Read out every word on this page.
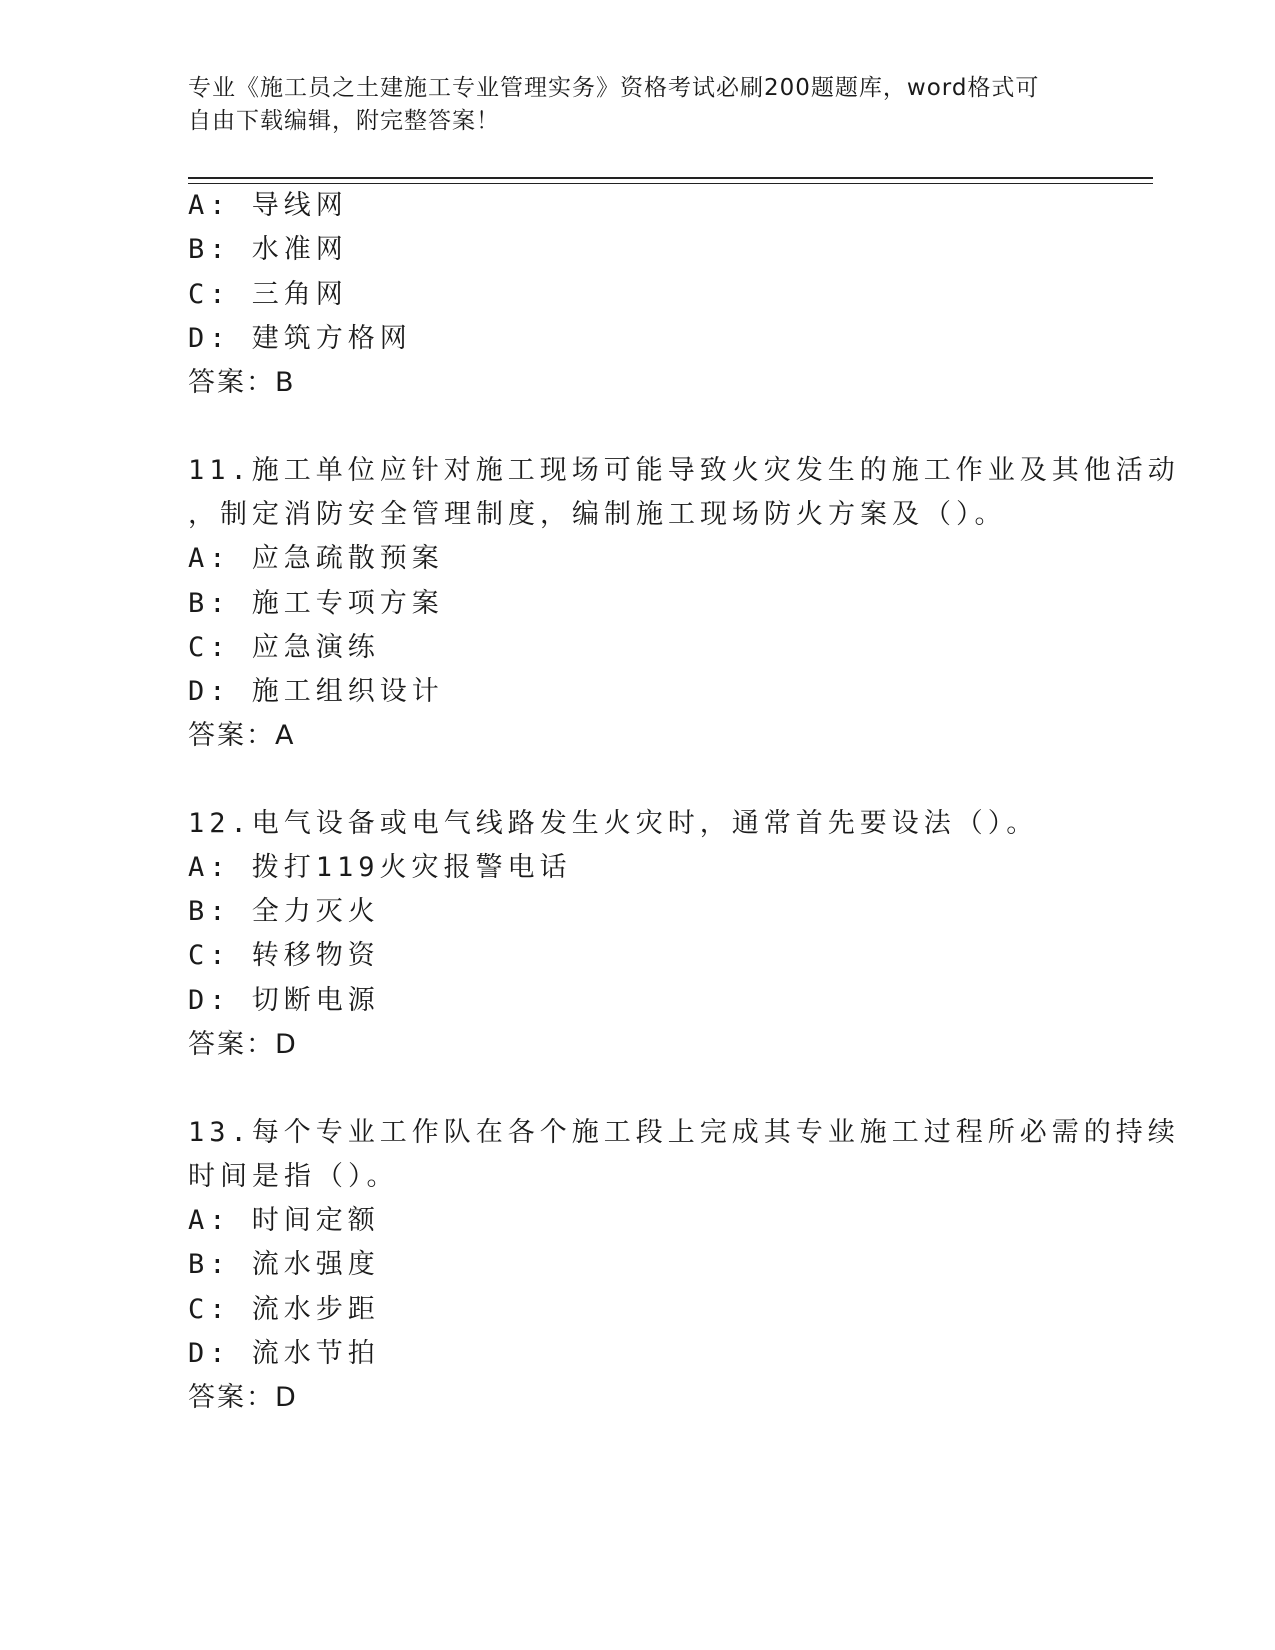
专业《施工员之土建施工专业管理实务》资格考试必刷200题题库，word格式可
自由下载编辑，附完整答案！
A: 导线网
B: 水准网
C: 三角网
D: 建筑方格网
答案：B
11.施工单位应针对施工现场可能导致火灾发生的施工作业及其他活动
，制定消防安全管理制度，编制施工现场防火方案及（）。
A: 应急疏散预案
B: 施工专项方案
C: 应急演练
D: 施工组织设计
答案：A
12.电气设备或电气线路发生火灾时，通常首先要设法（）。
A: 拨打119火灾报警电话
B: 全力灭火
C: 转移物资
D: 切断电源
答案：D
13.每个专业工作队在各个施工段上完成其专业施工过程所必需的持续
时间是指（）。
A: 时间定额
B: 流水强度
C: 流水步距
D: 流水节拍
答案：D
